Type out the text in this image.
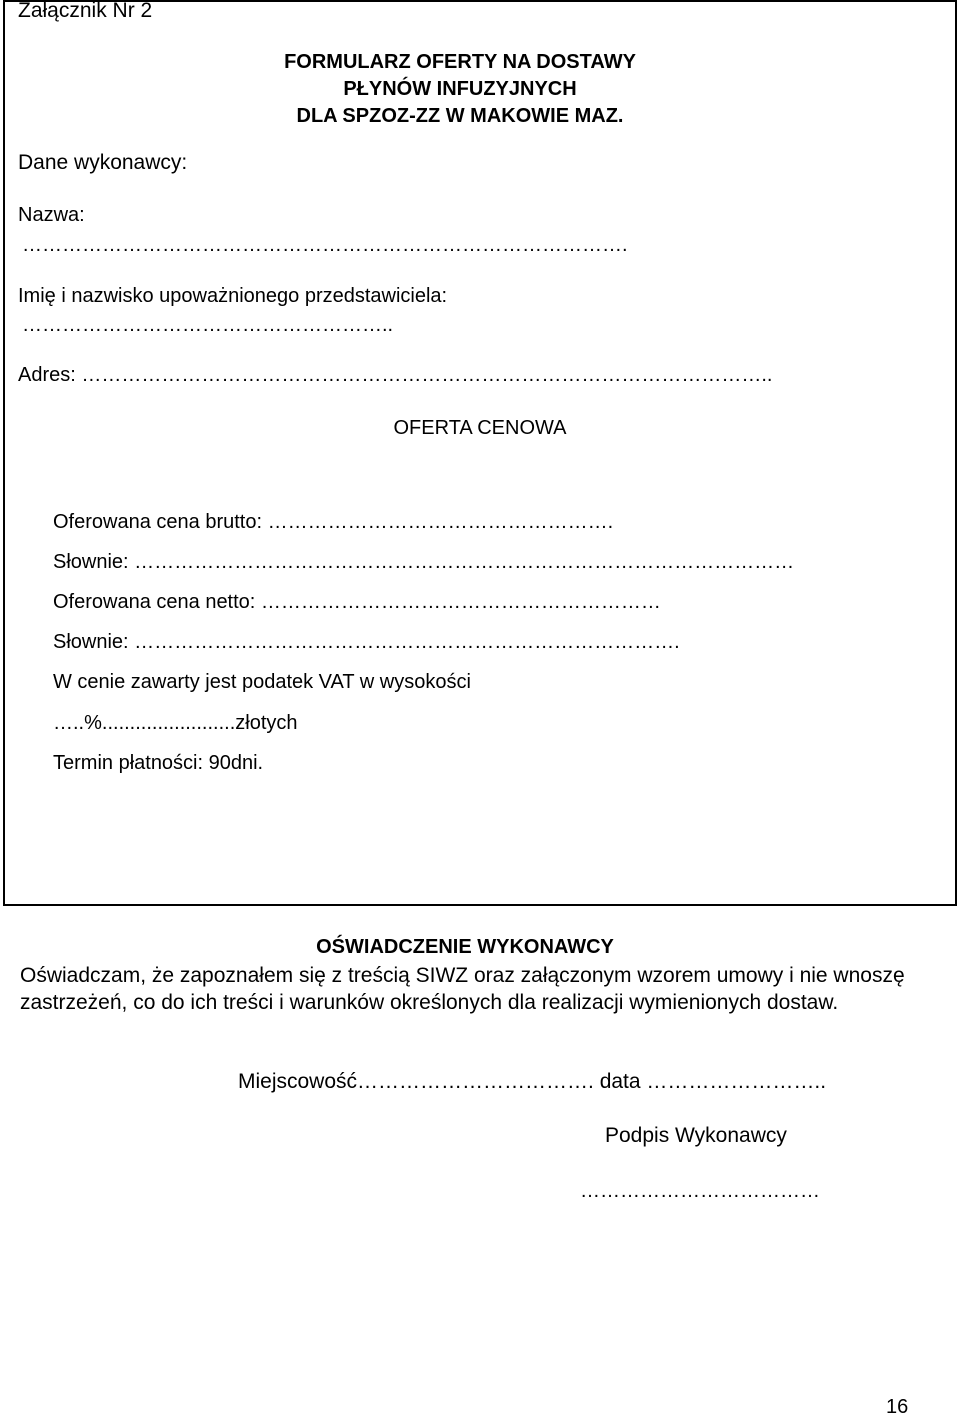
Załącznik Nr 2
FORMULARZ OFERTY NA DOSTAWY
PŁYNÓW INFUZYJNYCH
DLA SPZOZ-ZZ W MAKOWIE MAZ.
Dane wykonawcy:
Nazwa:
……………………………………………………………………………….
Imię i nazwisko upoważnionego przedstawiciela:
………………………………………………..
Adres: …………………………………………………………………………………………..
OFERTA CENOWA
Oferowana cena brutto: …………………………………………….
Słownie: ………………………………………………………………………………………
Oferowana cena netto: ……………………………………………………
Słownie: ……………………………………………………………………….
W cenie zawarty jest podatek VAT w wysokości
…..%........................złotych
Termin płatności: 90dni.
OŚWIADCZENIE WYKONAWCY
Oświadczam, że zapoznałem się z treścią SIWZ oraz załączonym wzorem umowy i nie wnoszę zastrzeżeń, co do ich treści i warunków określonych dla realizacji wymienionych dostaw.
Miejscowość……………………………. data ……………………..
Podpis Wykonawcy
………………………………
16
